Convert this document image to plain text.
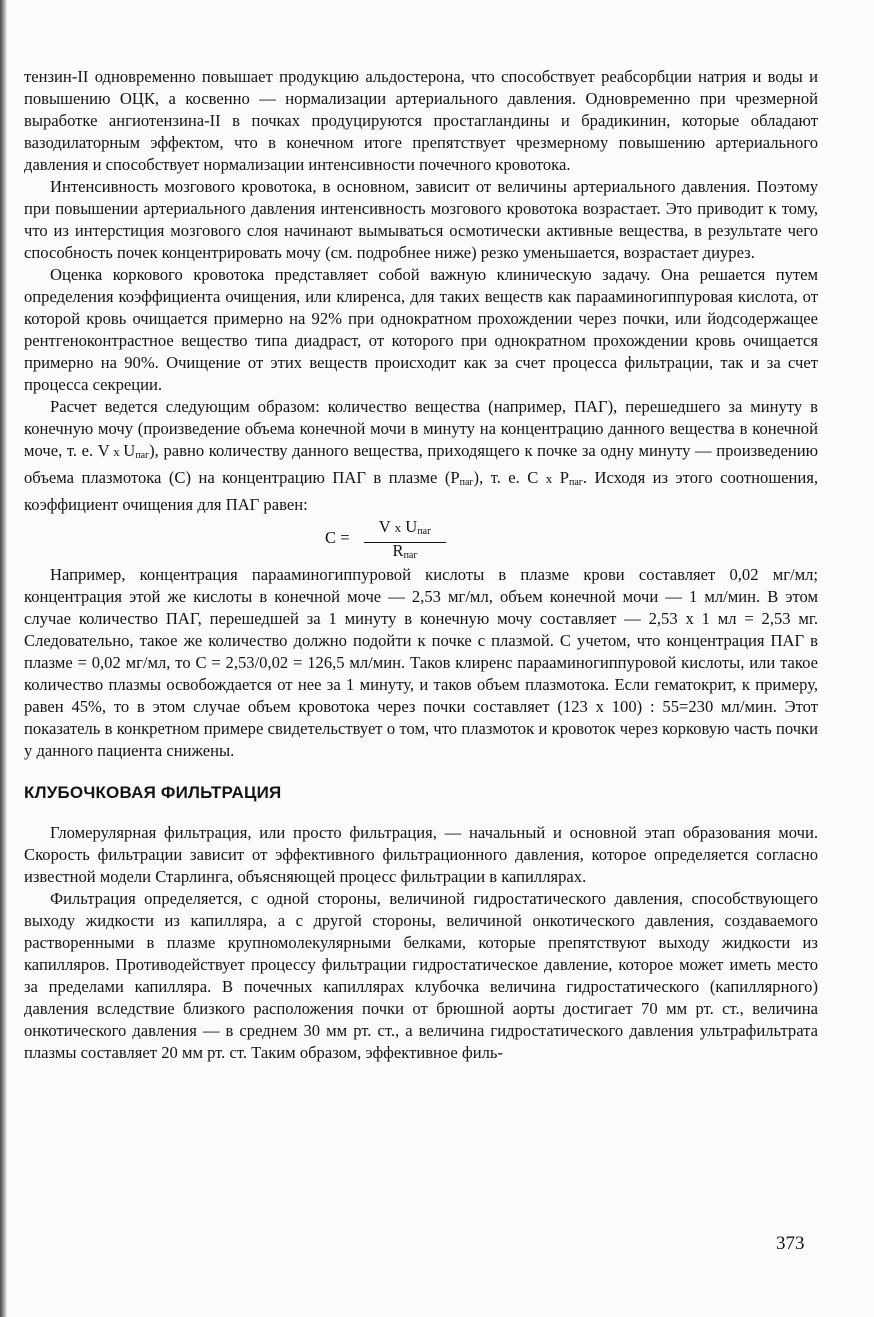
тензин-II одновременно повышает продукцию альдостерона, что способствует реабсорбции натрия и воды и повышению ОЦК, а косвенно — нормализации артериального давления. Одновременно при чрезмерной выработке ангиотензина-II в почках продуцируются простагландины и брадикинин, которые обладают вазодилаторным эффектом, что в конечном итоге препятствует чрезмерному повышению артериального давления и способствует нормализации интенсивности почечного кровотока.

Интенсивность мозгового кровотока, в основном, зависит от величины артериального давления. Поэтому при повышении артериального давления интенсивность мозгового кровотока возрастает. Это приводит к тому, что из интерстиция мозгового слоя начинают вымываться осмотически активные вещества, в результате чего способность почек концентрировать мочу (см. подробнее ниже) резко уменьшается, возрастает диурез.

Оценка коркового кровотока представляет собой важную клиническую задачу. Она решается путем определения коэффициента очищения, или клиренса, для таких веществ как парааминогиппуровая кислота, от которой кровь очищается примерно на 92% при однократном прохождении через почки, или йодсодержащее рентгеноконтрастное вещество типа диадраст, от которого при однократном прохождении кровь очищается примерно на 90%. Очищение от этих веществ происходит как за счет процесса фильтрации, так и за счет процесса секреции.

Расчет ведется следующим образом: количество вещества (например, ПАГ), перешедшего за минуту в конечную мочу (произведение объема конечной мочи в минуту на концентрацию данного вещества в конечной моче, т. е. V x $U_{паг}$), равно количеству данного вещества, приходящего к почке за одну минуту — произведению объема плазмотока (С) на концентрацию ПАГ в плазме $(P_{паг})$, т. е. С x $P_{паг}$. Исходя из этого соотношения, коэффициент очищения для ПАГ равен:

C =
V x $U_{паг}$
$R_{паг}$

Например, концентрация парааминогиппуровой кислоты в плазме крови составляет 0,02 мг/мл; концентрация этой же кислоты в конечной моче — 2,53 мг/мл, объем конечной мочи — 1 мл/мин. В этом случае количество ПАГ, перешедшей за 1 минуту в конечную мочу составляет — 2,53 x 1 мл = 2,53 мг. Следовательно, такое же количество должно подойти к почке с плазмой. С учетом, что концентрация ПАГ в плазме = 0,02 мг/мл, то С = 2,53/0,02 = 126,5 мл/мин. Таков клиренс парааминогиппуровой кислоты, или такое количество плазмы освобождается от нее за 1 минуту, и таков объем плазмотока. Если гематокрит, к примеру, равен 45%, то в этом случае объем кровотока через почки составляет (123 x 100) : 55=230 мл/мин. Этот показатель в конкретном примере свидетельствует о том, что плазмоток и кровоток через корковую часть почки у данного пациента снижены.

КЛУБОЧКОВАЯ ФИЛЬТРАЦИЯ

Гломерулярная фильтрация, или просто фильтрация, — начальный и основной этап образования мочи. Скорость фильтрации зависит от эффективного фильтрационного давления, которое определяется согласно известной модели Старлинга, объясняющей процесс фильтрации в капиллярах.

Фильтрация определяется, с одной стороны, величиной гидростатического давления, способствующего выходу жидкости из капилляра, а с другой стороны, величиной онкотического давления, создаваемого растворенными в плазме крупномолекулярными белками, которые препятствуют выходу жидкости из капилляров. Противодействует процессу фильтрации гидростатическое давление, которое может иметь место за пределами капилляра. В почечных капиллярах клубочка величина гидростатического (капиллярного) давления вследствие близкого расположения почки от брюшной аорты достигает 70 мм рт. ст., величина онкотического давления — в среднем 30 мм рт. ст., а величина гидростатического давления ультрафильтрата плазмы составляет 20 мм рт. ст. Таким образом, эффективное филь-

373
